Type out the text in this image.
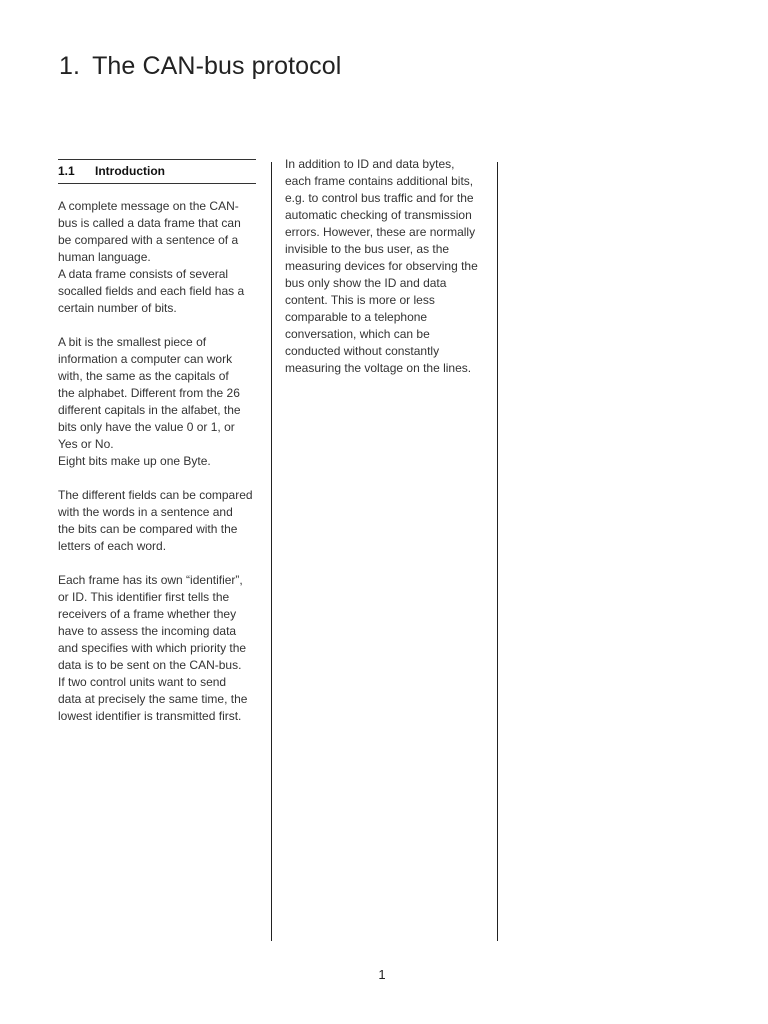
1. The CAN-bus protocol
1.1 Introduction

A complete message on the CAN-
bus is called a data frame that can
be compared with a sentence of a
human language.
A data frame consists of several
socalled fields and each field has a
certain number of bits.

A bit is the smallest piece of
information a computer can work
with, the same as the capitals of
the alphabet. Different from the 26
different capitals in the alfabet, the
bits only have the value 0 or 1, or
Yes or No.
Eight bits make up one Byte.

The different fields can be compared
with the words in a sentence and
the bits can be compared with the
letters of each word.

Each frame has its own “identifier”,
or ID. This identifier first tells the
receivers of a frame whether they
have to assess the incoming data
and specifies with which priority the
data is to be sent on the CAN-bus.
If two control units want to send
data at precisely the same time, the
lowest identifier is transmitted first.

In addition to ID and data bytes,
each frame contains additional bits,
e.g. to control bus traffic and for the
automatic checking of transmission
errors. However, these are normally
invisible to the bus user, as the
measuring devices for observing the
bus only show the ID and data
content. This is more or less
comparable to a telephone
conversation, which can be
conducted without constantly
measuring the voltage on the lines.

1
